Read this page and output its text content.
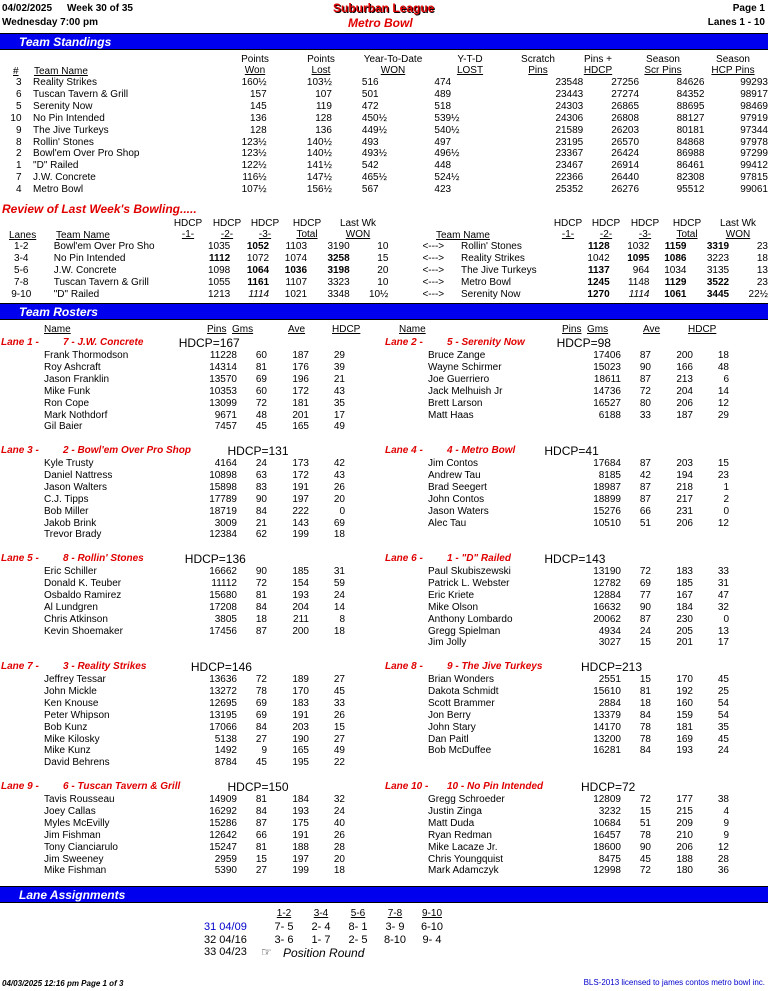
04/02/2025 Week 30 of 35	Suburban League	Page 1
Wednesday 7:00 pm	Metro Bowl	Lanes 1 - 10
Team Standings
Points
Won
Points
Lost
Year-To-Date
WON
Y-T-D
LOST
Scratch
Pins
Pins +
HDCP
Season
Scr Pins
Season
HCP Pins
# Team Name
3		Reality Strikes	160½	103½	516	474	23548	27256	84626	99293
6		Tuscan Tavern & Grill	157	107	501	489	23443	27274	84352	98917
5		Serenity Now	145	119	472	518	24303	26865	88695	98469
10		No Pin Intended	136	128	450½	539½	24306	26808	88127	97919
9		The Jive Turkeys	128	136	449½	540½	21589	26203	80181	97344
8		Rollin' Stones	123½	140½	493	497	23195	26570	84868	97978
2		Bowl'em Over Pro Shop	123½	140½	493½	496½	23367	26424	86988	97299
1		"D" Railed	122½	141½	542	448	23467	26914	86461	99412
7		J.W. Concrete	116½	147½	465½	524½	22366	26440	82308	97815
4		Metro Bowl	107½	156½	567	423	25352	26276	95512	99061
Review of Last Week's Bowling.....
Lanes Team Name
HDCP
-1-
HDCP
-2-
HDCP
-3-
HDCP
Total
Last Wk
WON	Team Name
HDCP
-1-
HDCP
-2-
HDCP
-3-
HDCP
Total
Last Wk
WON
1-2		Bowl'em Over Pro Sho	1035	1052	1103	3190	10	<--->		Rollin' Stones	1128	1032	1159	3319	23
3-4		No Pin Intended	1112	1072	1074	3258	15	<--->		Reality Strikes	1042	1095	1086	3223	18
5-6		J.W. Concrete	1098	1064	1036	3198	20	<--->		The Jive Turkeys	1137	964	1034	3135	13
7-8		Tuscan Tavern & Grill	1055	1161	1107	3323	10	<--->		Metro Bowl	1245	1148	1129	3522	23
9-10		"D" Railed	1213	1114	1021	3348	10½	<--->		Serenity Now	1270	1114	1061	3445	22½
Team Rosters
Name	Pins Gms	Ave	HDCP	Name	Pins Gms	Ave	HDCP
Lane 1 - 7 - J.W. Concrete	HDCP=167
	Frank Thormodson	11228	60	187	29
	Roy Ashcraft	14314	81	176	39
	Jason Franklin	13570	69	196	21
	Mike Funk	10353	60	172	43
	Ron Cope	13099	72	181	35
	Mark Nothdorf	9671	48	201	17
	Gil Baier	7457	45	165	49
Lane 2 - 5 - Serenity Now	HDCP=98
	Bruce Zange	17406	87	200	18
	Wayne Schirmer	15023	90	166	48
	Joe Guerriero	18611	87	213	6
	Jack Melhuish Jr	14736	72	204	14
	Brett Larson	16527	80	206	12
	Matt Haas	6188	33	187	29
Lane 3 - 2 - Bowl'em Over Pro Shop	HDCP=131
	Kyle Trusty	4164	24	173	42
	Daniel Nattress	10898	63	172	43
	Jason Walters	15898	83	191	26
	C.J. Tipps	17789	90	197	20
	Bob Miller	18719	84	222	0
	Jakob Brink	3009	21	143	69
	Trevor Brady	12384	62	199	18
Lane 4 - 4 - Metro Bowl HDCP=41
	Jim Contos	17684	87	203	15
	Andrew Tau	8185	42	194	23
	Brad Seegert	18987	87	218	1
	John Contos	18899	87	217	2
	Jason Waters	15276	66	231	0
	Alec Tau	10510	51	206	12
Lane 5 - 8 - Rollin' Stones	HDCP=136
	Eric Schiller	16662	90	185	31
	Donald K. Teuber	11112	72	154	59
	Osbaldo Ramirez	15680	81	193	24
	Al Lundgren	17208	84	204	14
	Chris Atkinson	3805	18	211	8
	Kevin Shoemaker	17456	87	200	18
Lane 6 - 1 - "D" Railed	HDCP=143
	Paul Skubiszewski	13190	72	183	33
	Patrick L. Webster	12782	69	185	31
	Eric Kriete	12884	77	167	47
	Mike Olson	16632	90	184	32
	Anthony Lombardo	20062	87	230	0
	Gregg Spielman	4934	24	205	13
	Jim Jolly	3027	15	201	17
Lane 7 - 3 - Reality Strikes	HDCP=146
	Jeffrey Tessar	13636	72	189	27
	John Mickle	13272	78	170	45
	Ken Knouse	12695	69	183	33
	Peter Whipson	13195	69	191	26
	Bob Kunz	17066	84	203	15
	Mike Kilosky	5138	27	190	27
	Mike Kunz	1492	9	165	49
	David Behrens	8784	45	195	22
Lane 8 - 9 - The Jive Turkeys	HDCP=213
	Brian Wonders	2551	15	170	45
	Dakota Schmidt	15610	81	192	25
	Scott Brammer	2884	18	160	54
	Jon Berry	13379	84	159	54
	John Stary	14170	78	181	35
	Dan Paitl	13200	78	169	45
	Bob McDuffee	16281	84	193	24
Lane 9 - 6 - Tuscan Tavern & Grill	HDCP=150
	Tavis Rousseau	14909	81	184	32
	Joey Callas	16292	84	193	24
	Myles McEvilly	15286	87	175	40
	Jim Fishman	12642	66	191	26
	Tony Cianciarulo	15247	81	188	28
	Jim Sweeney	2959	15	197	20
	Mike Fishman	5390	27	199	18
Lane 10 - 10 - No Pin Intended	HDCP=72
	Gregg Schroeder	12809	72	177	38
	Justin Zinga	3232	15	215	4
	Matt Duda	10684	51	209	9
	Ryan Redman	16457	78	210	9
	Mike Lacaze Jr.	18600	90	206	12
	Chris Youngquist	8475	45	188	28
	Mark Adamczyk	12998	72	180	36
Lane Assignments
1-2	3-4	5-6	7-8	9-10
31 04/09	7- 5	2- 4	8- 1	3- 9	6-10
32 04/16	3- 6	1- 7	2- 5	8-10	9- 4
33 04/23 ☞ Position Round
04/03/2025 12:16 pm Page 1 of 3	BLS-2013 licensed to james contos metro bowl inc.
